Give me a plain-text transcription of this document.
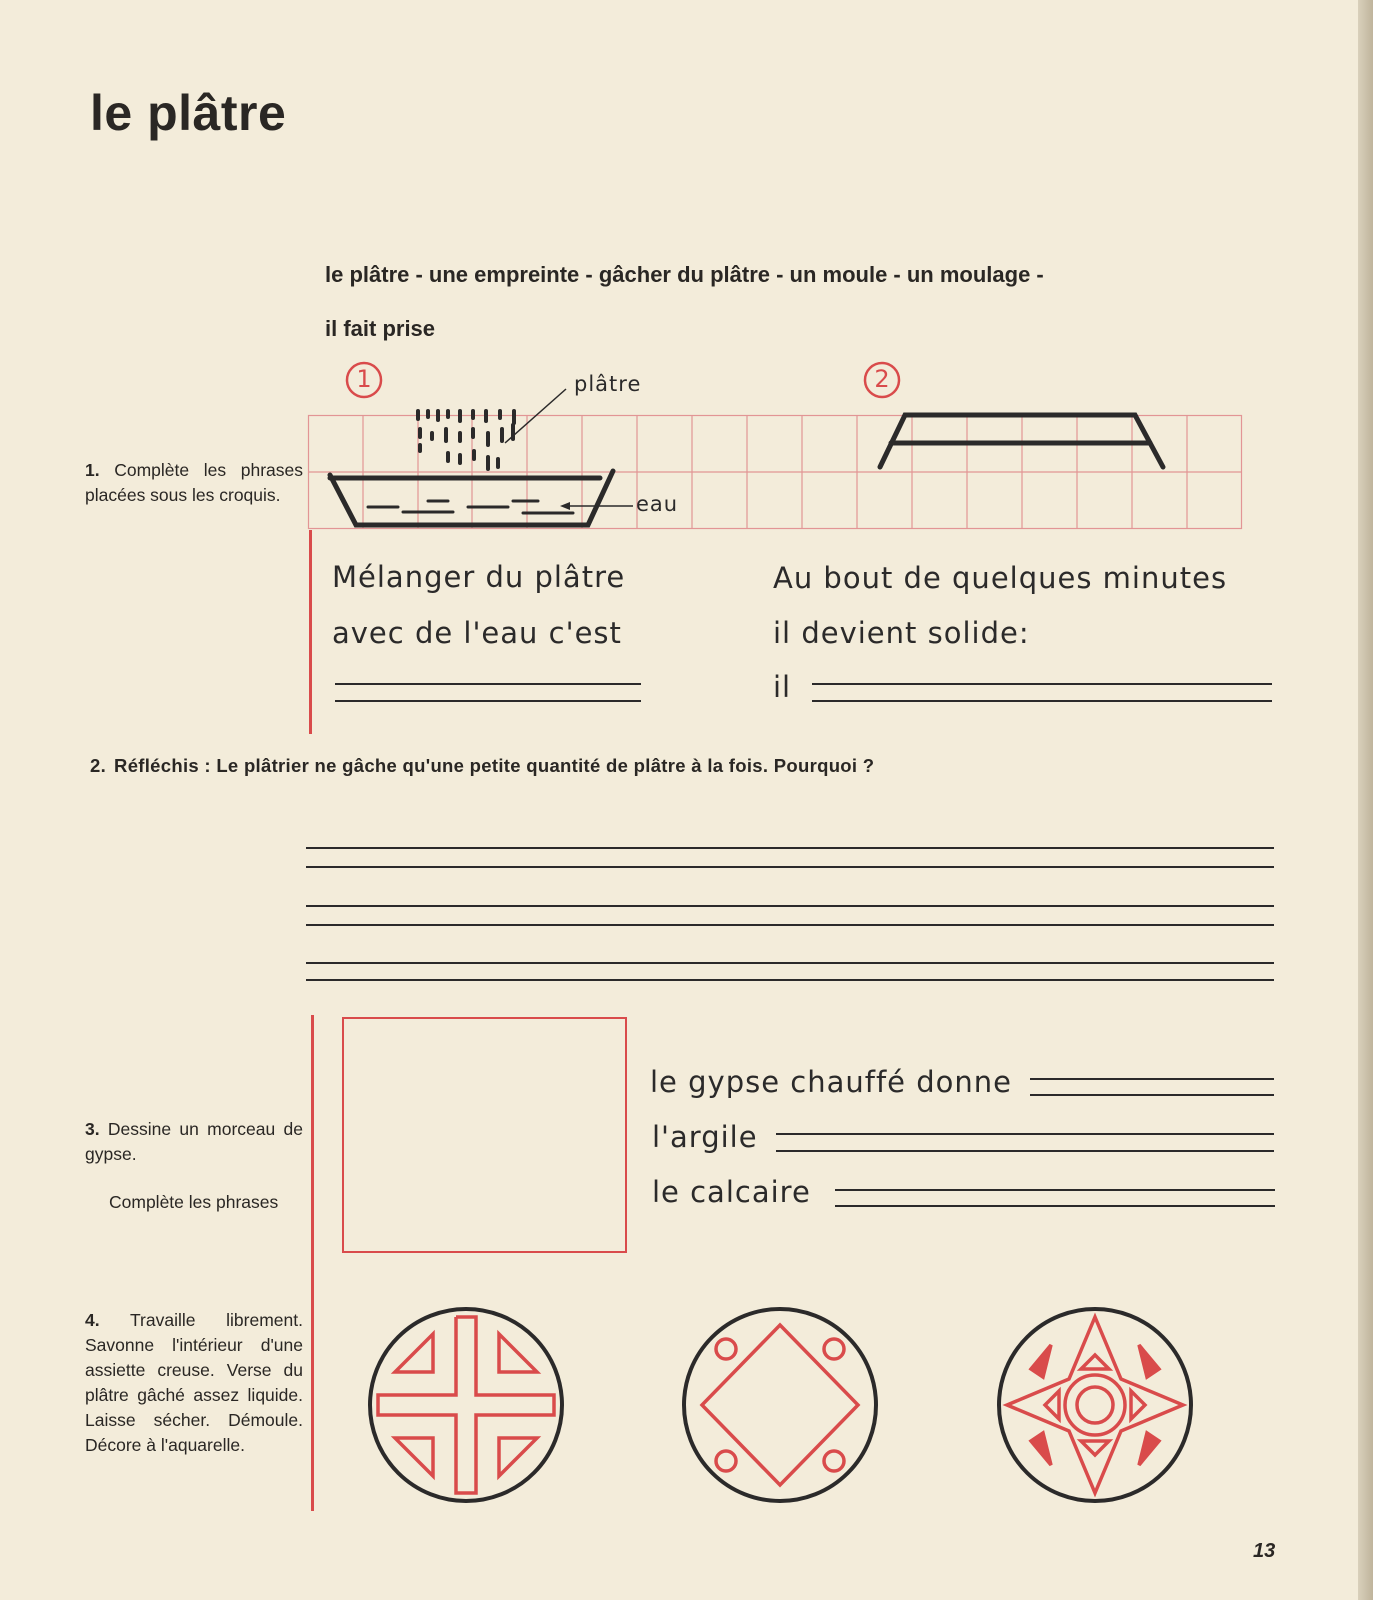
le plâtre
le plâtre - une empreinte - gâcher du plâtre - un moule - un moulage -
il fait prise
1	2
plâtre
eau
1. Complète les phrases placées sous les croquis.
Mélanger du plâtre
avec de l'eau c'est
Au bout de quelques minutes
il devient solide:
il
2. Réfléchis : Le plâtrier ne gâche qu'une petite quantité de plâtre à la fois. Pourquoi ?
3. Dessine un morceau de gypse.
Complète les phrases
le gypse chauffé donne
l'argile
le calcaire
4. Travaille librement. Savonne l'intérieur d'une assiette creuse. Verse du plâtre gâché assez liquide. Laisse sécher. Démoule. Décore à l'aquarelle.
13
